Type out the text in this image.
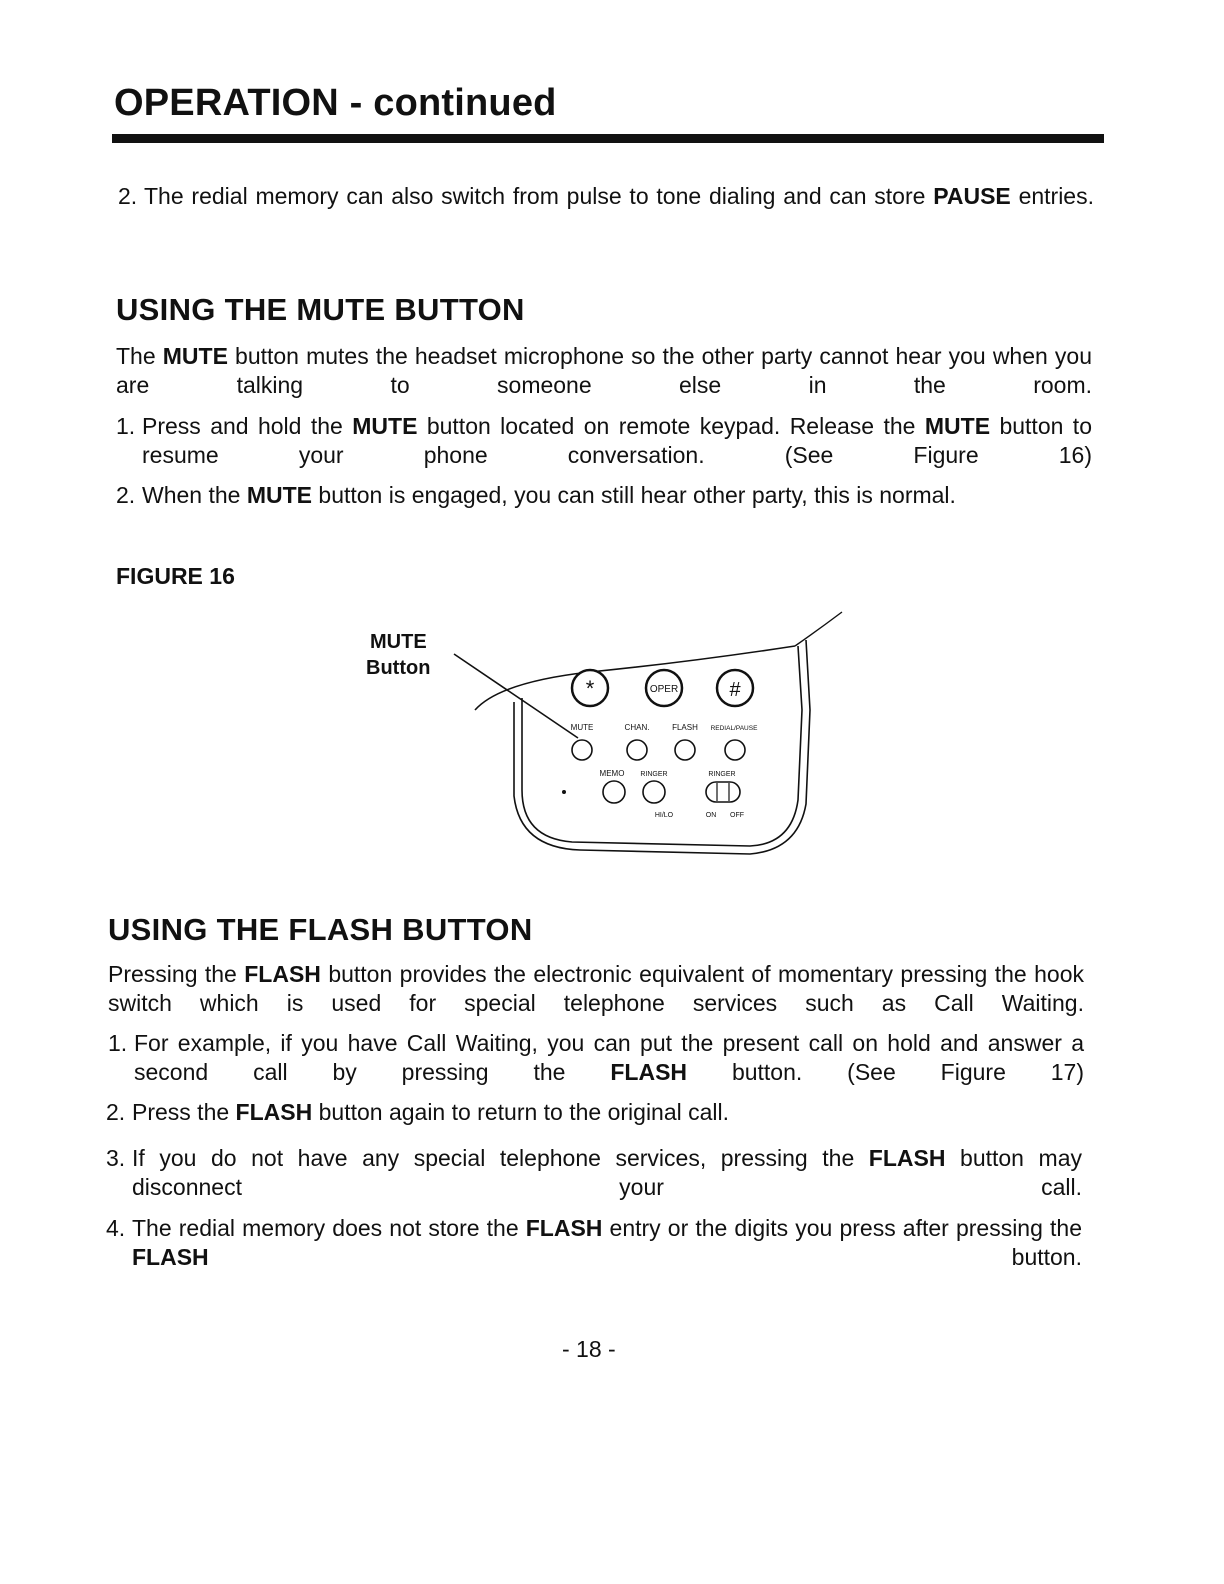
OPERATION - continued
2. The redial memory can also switch from pulse to tone dialing and can store PAUSE entries.
USING THE MUTE BUTTON

The MUTE button mutes the headset microphone so the other party cannot hear you when you are talking to someone else in the room.

1. Press and hold the MUTE button located on remote keypad. Release the MUTE button to resume your phone conversation. (See Figure 16)
2. When the MUTE button is engaged, you can still hear other party, this is normal.
FIGURE 16
MUTE
Button
*	OPER	#
MUTE	CHAN.	FLASH REDIAL/PAUSE
MEMO RINGER	RINGER
HI/LO	ON OFF
USING THE FLASH BUTTON

Pressing the FLASH button provides the electronic equivalent of momentary pressing the hook switch which is used for special telephone services such as Call Waiting.

1. For example, if you have Call Waiting, you can put the present call on hold and answer a second call by pressing the FLASH button. (See Figure 17)
2. Press the FLASH button again to return to the original call.
3. If you do not have any special telephone services, pressing the FLASH button may disconnect your call.
4. The redial memory does not store the FLASH entry or the digits you press after pressing the FLASH button.
- 18 -
